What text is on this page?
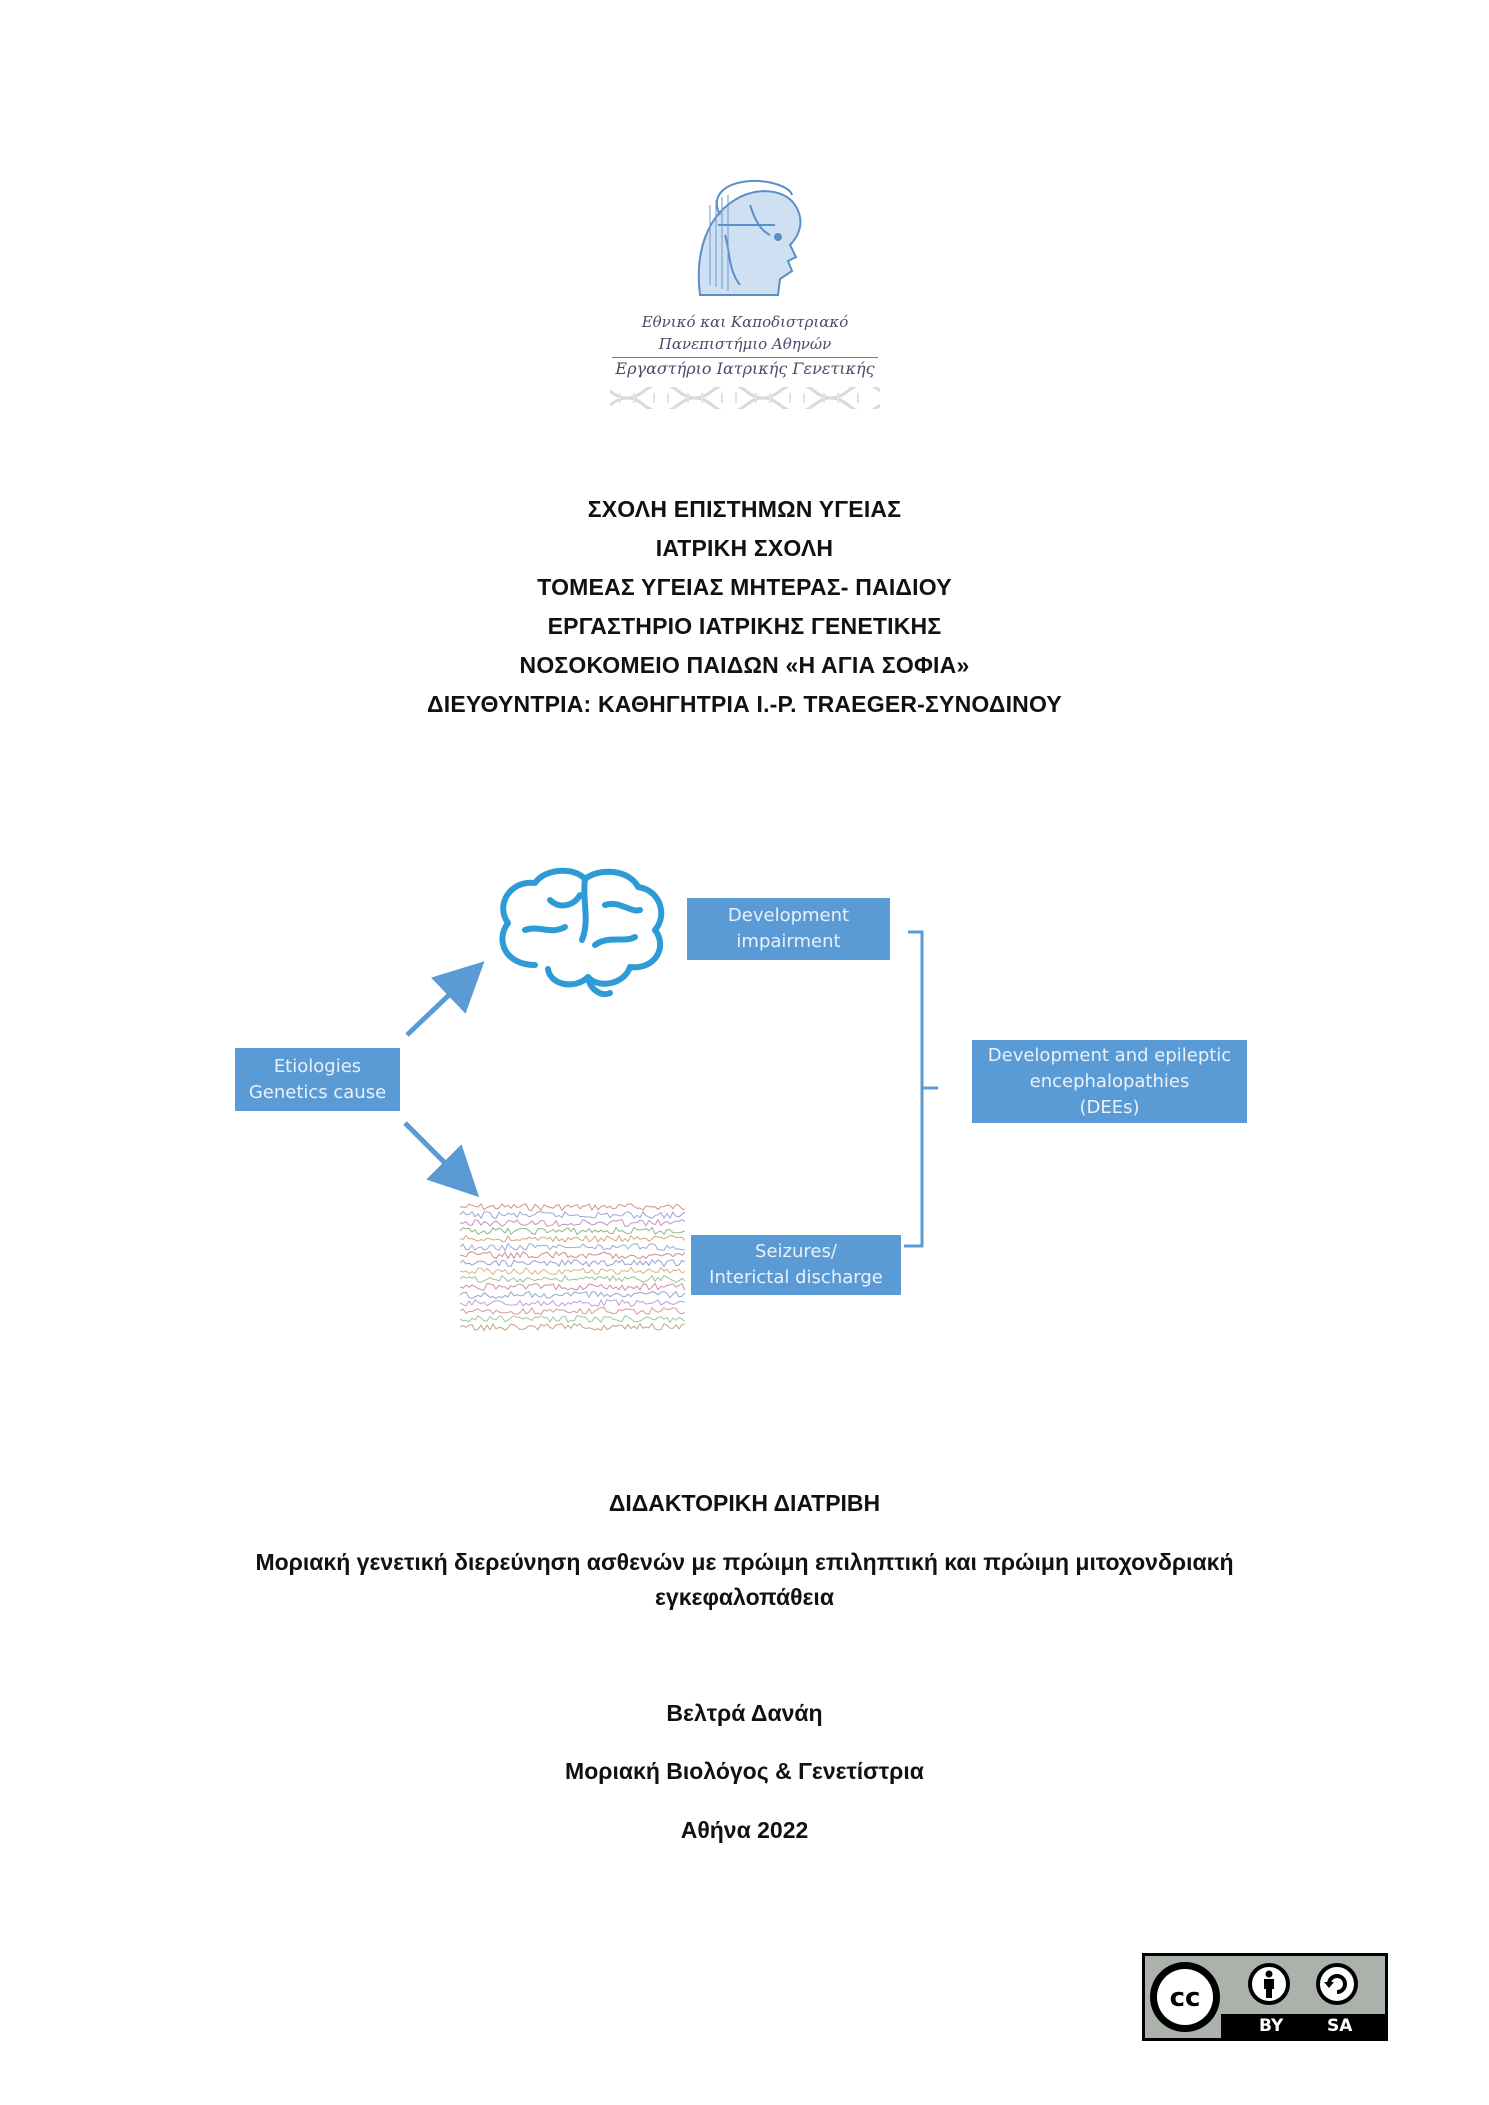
Εθνικό και Καποδιστριακό
Πανεπιστήμιο Αθηνών
Εργαστήριο Ιατρικής Γενετικής
ΣΧΟΛΗ ΕΠΙΣΤΗΜΩΝ ΥΓΕΙΑΣ
ΙΑΤΡΙΚΗ ΣΧΟΛΗ
ΤΟΜΕΑΣ ΥΓΕΙΑΣ ΜΗΤΕΡΑΣ- ΠΑΙΔΙΟΥ
ΕΡΓΑΣΤΗΡΙΟ ΙΑΤΡΙΚΗΣ ΓΕΝΕΤΙΚΗΣ
ΝΟΣΟΚΟΜΕΙΟ ΠΑΙΔΩΝ «Η ΑΓΙΑ ΣΟΦΙΑ»
ΔΙΕΥΘΥΝΤΡΙΑ: ΚΑΘΗΓΗΤΡΙΑ Ι.-Ρ. TRAEGER-ΣΥΝΟΔΙΝΟΥ
Etiologies
Genetics cause
Development
impairment
Seizures/
Interictal discharge
Development and epileptic
encephalopathies
(DEEs)
ΔΙΔΑΚΤΟΡΙΚΗ ΔΙΑΤΡΙΒΗ
Μοριακή γενετική διερεύνηση ασθενών με πρώιμη επιληπτική και πρώιμη μιτοχονδριακή
εγκεφαλοπάθεια
Βελτρά Δανάη
Μοριακή Βιολόγος & Γενετίστρια
Αθήνα 2022
cc
BY	SA
